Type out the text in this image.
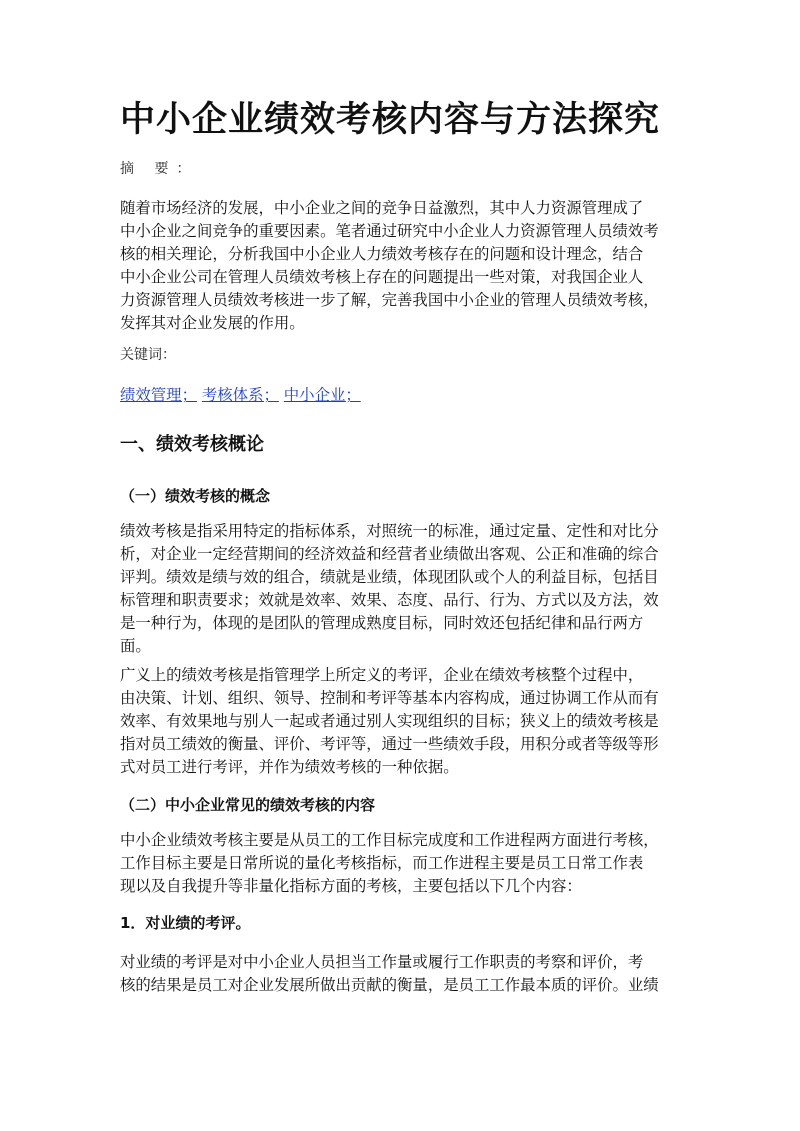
中小企业绩效考核内容与方法探究
摘 要：
随着市场经济的发展，中小企业之间的竞争日益激烈，其中人力资源管理成了
中小企业之间竞争的重要因素。笔者通过研究中小企业人力资源管理人员绩效考
核的相关理论，分析我国中小企业人力绩效考核存在的问题和设计理念，结合
中小企业公司在管理人员绩效考核上存在的问题提出一些对策，对我国企业人
力资源管理人员绩效考核进一步了解，完善我国中小企业的管理人员绩效考核，
发挥其对企业发展的作用。
关键词：
绩效管理； 考核体系； 中小企业；
一、绩效考核概论
（一）绩效考核的概念
绩效考核是指采用特定的指标体系，对照统一的标准，通过定量、定性和对比分
析，对企业一定经营期间的经济效益和经营者业绩做出客观、公正和准确的综合
评判。绩效是绩与效的组合，绩就是业绩，体现团队或个人的利益目标，包括目
标管理和职责要求；效就是效率、效果、态度、品行、行为、方式以及方法，效
是一种行为，体现的是团队的管理成熟度目标，同时效还包括纪律和品行两方
面。
广义上的绩效考核是指管理学上所定义的考评，企业在绩效考核整个过程中，
由决策、计划、组织、领导、控制和考评等基本内容构成，通过协调工作从而有
效率、有效果地与别人一起或者通过别人实现组织的目标；狭义上的绩效考核是
指对员工绩效的衡量、评价、考评等，通过一些绩效手段，用积分或者等级等形
式对员工进行考评，并作为绩效考核的一种依据。
（二）中小企业常见的绩效考核的内容
中小企业绩效考核主要是从员工的工作目标完成度和工作进程两方面进行考核，
工作目标主要是日常所说的量化考核指标，而工作进程主要是员工日常工作表
现以及自我提升等非量化指标方面的考核，主要包括以下几个内容：
1．对业绩的考评。
对业绩的考评是对中小企业人员担当工作量或履行工作职责的考察和评价，考
核的结果是员工对企业发展所做出贡献的衡量，是员工工作最本质的评价。业绩
